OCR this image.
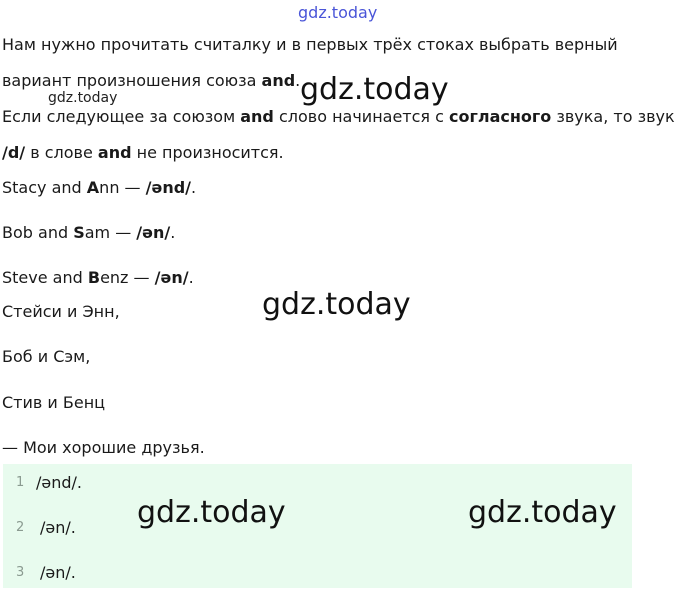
gdz.today
gdz.today	gdz.today
gdz.today
Нам нужно прочитать считалку и в первых трёх стоках выбрать верный
вариант произношения союза and.
Если следующее за союзом and слово начинается с согласного звука, то звук
/d/ в слове and не произносится.
Stacy and Ann — /ənd/.
Bob and Sam — /ən/.
Steve and Benz — /ən/.
Стейси и Энн,
Боб и Сэм,
Стив и Бенц
— Мои хорошие друзья.
1 /ənd/.
2 /ən/.
3 /ən/.
gdz.today	gdz.today
